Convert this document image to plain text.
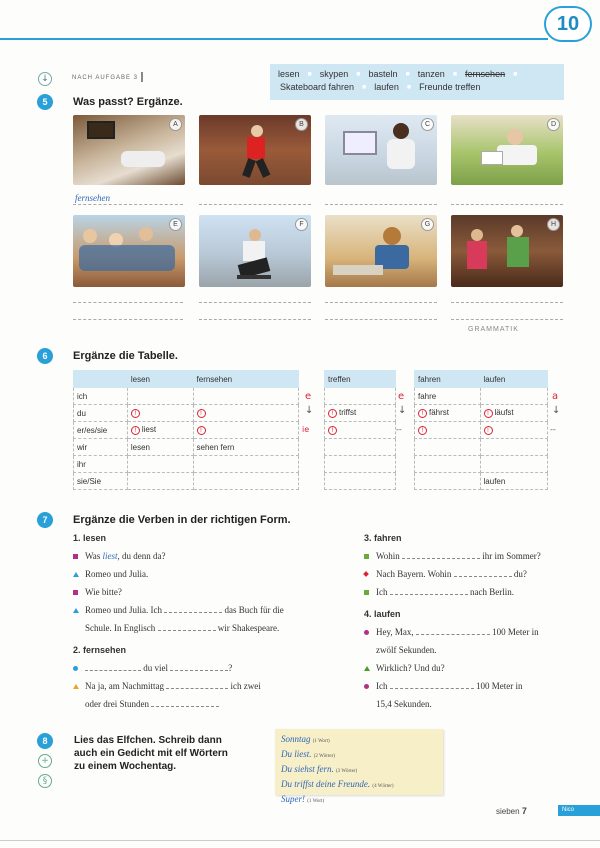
10
↓	NACH AUFGABE 3	lesen ■ skypen ■ basteln ■ tanzen ■ fernsehen ■
Skateboard fahren ■ laufen ■ Freunde treffen
5	Was passt? Ergänze.
A	B	C	D
fernsehen
E	F	G	H
GRAMMATIK
6	Ergänze die Tabelle.
	lesen	fernsehen
ich		
du	!	!
er/es/sie	! liest	!
wir	lesen	sehen fern
ihr		
sie/Sie		
e
↓
ie
treffen

! triffst
!

e
↓
--
fahren	laufen
fahre	
! fährst	! läufst
!	!

	laufen
a
↓
--
7	Ergänze die Verben in der richtigen Form.
1. lesen
Was liest, du denn da?
Romeo und Julia.
Wie bitte?
Romeo und Julia. Ich	das Buch für die
Schule. In Englisch	wir Shakespeare.
2. fernsehen
du viel	?
Na ja, am Nachmittag	ich zwei
oder drei Stunden
3. fahren
Wohin	ihr im Sommer?
Nach Bayern. Wohin	du?
Ich	nach Berlin.
4. laufen
Hey, Max,	100 Meter in
zwölf Sekunden.
Wirklich? Und du?
Ich	100 Meter in
15,4 Sekunden.
8
+
§
Lies das Elfchen. Schreib dann
auch ein Gedicht mit elf Wörtern
zu einem Wochentag.
Sonntag (1 Wort)
Du liest. (2 Wörter)
Du siehst fern. (3 Wörter)
Du triffst deine Freunde. (4 Wörter)
Super! (1 Wort)
sieben 7	Nico
